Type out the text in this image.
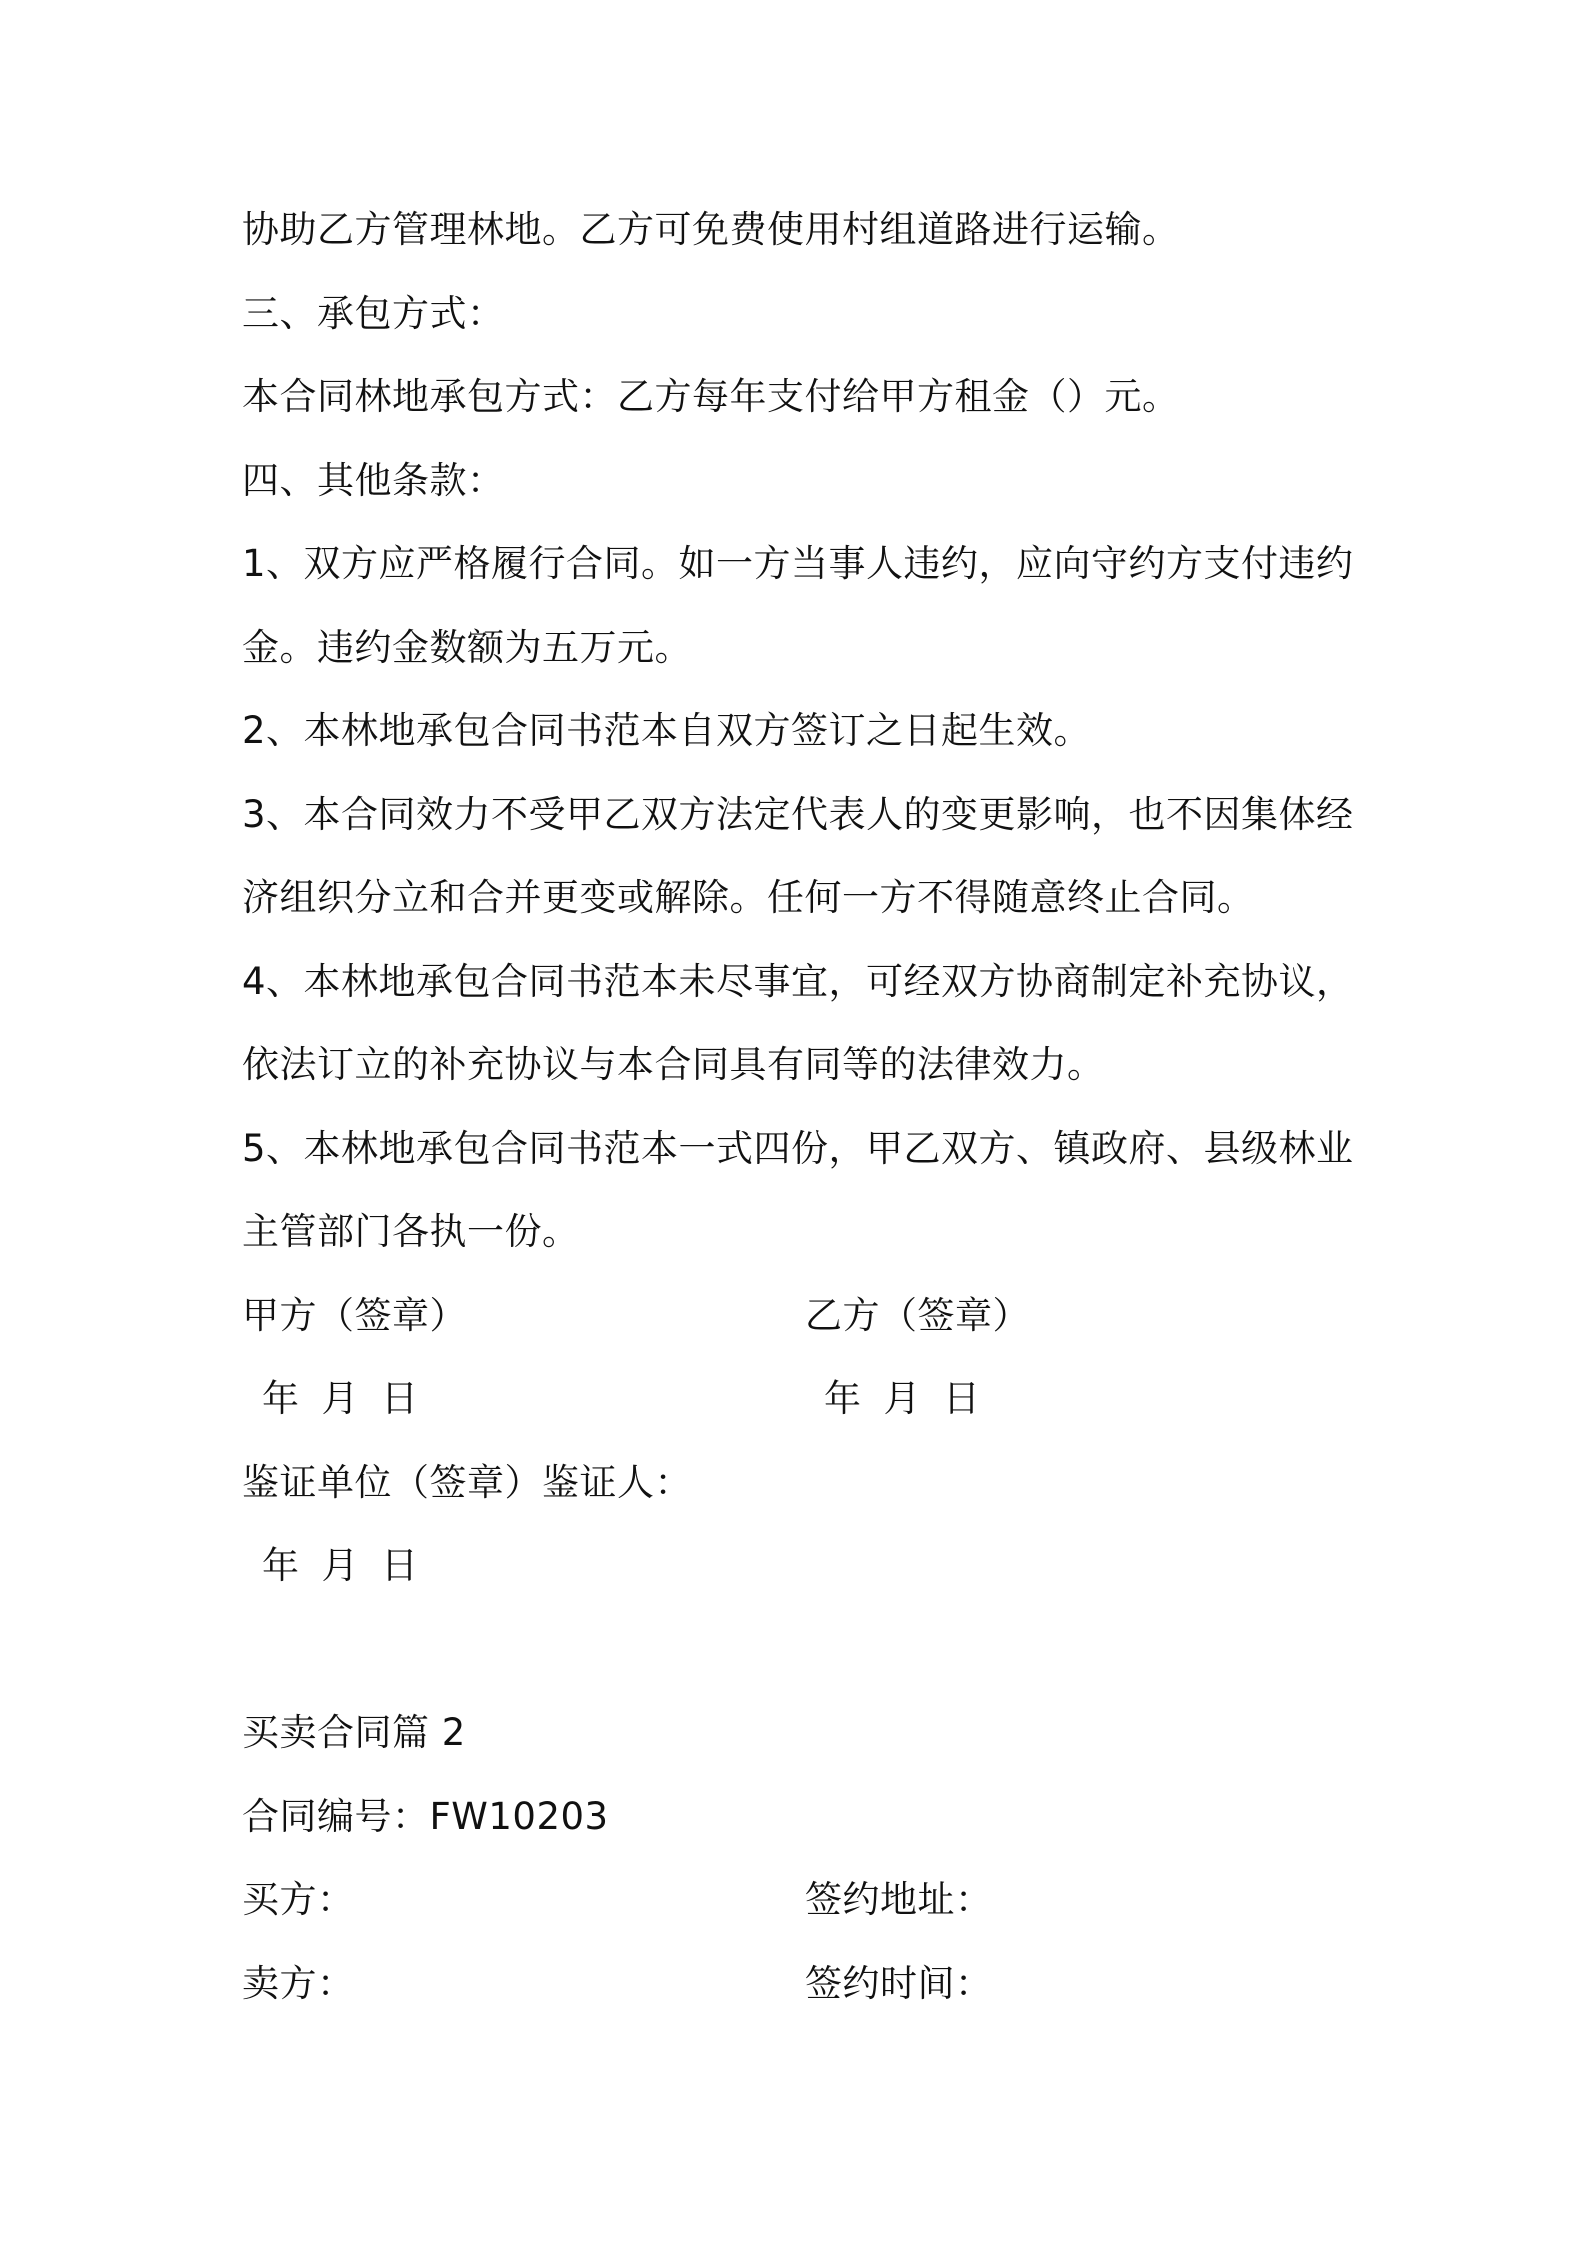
协助乙方管理林地。乙方可免费使用村组道路进行运输。
三、承包方式：
本合同林地承包方式：乙方每年支付给甲方租金（）元。
四、其他条款：
1、双方应严格履行合同。如一方当事人违约，应向守约方支付违约
金。违约金数额为五万元。
2、本林地承包合同书范本自双方签订之日起生效。
3、本合同效力不受甲乙双方法定代表人的变更影响，也不因集体经
济组织分立和合并更变或解除。任何一方不得随意终止合同。
4、本林地承包合同书范本未尽事宜，可经双方协商制定补充协议，
依法订立的补充协议与本合同具有同等的法律效力。
5、本林地承包合同书范本一式四份，甲乙双方、镇政府、县级林业
主管部门各执一份。
甲方（签章）	乙方（签章）
年 月 日	年 月 日
鉴证单位（签章）鉴证人：
年 月 日
买卖合同篇 2
合同编号：FW10203
买方：	签约地址：
卖方：	签约时间：
